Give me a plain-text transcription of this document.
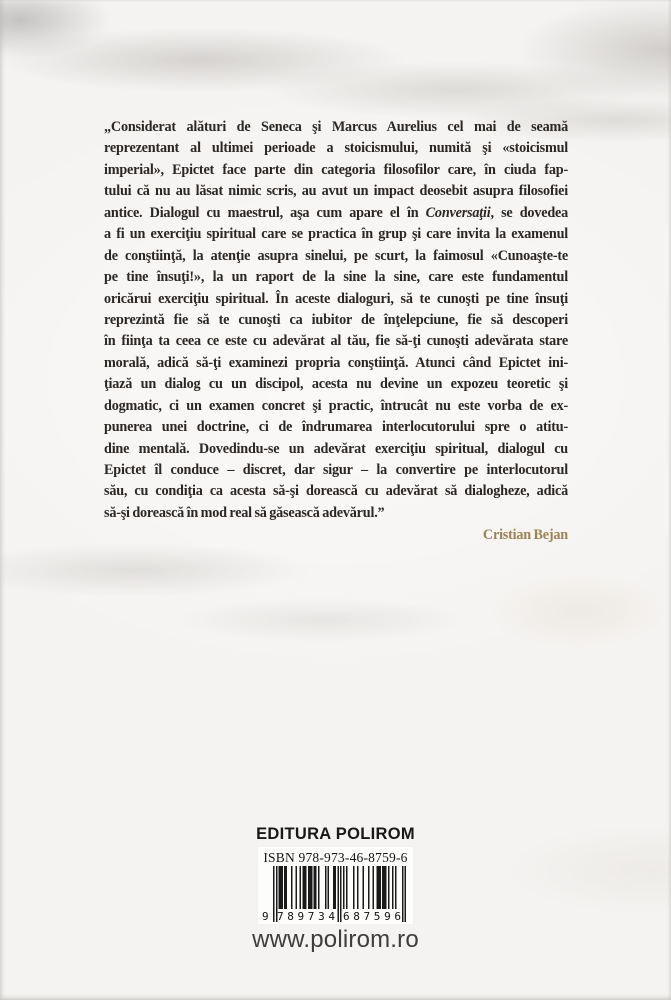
„Considerat alături de Seneca şi Marcus Aurelius cel mai de seamă
reprezentant al ultimei perioade a stoicismului, numită şi «stoicismul
imperial», Epictet face parte din categoria filosofilor care, în ciuda fap-
tului că nu au lăsat nimic scris, au avut un impact deosebit asupra filosofiei
antice. Dialogul cu maestrul, aşa cum apare el în Conversaţii, se dovedea
a fi un exerciţiu spiritual care se practica în grup şi care invita la examenul
de conştiinţă, la atenţie asupra sinelui, pe scurt, la faimosul «Cunoaşte-te
pe tine însuţi!», la un raport de la sine la sine, care este fundamentul
oricărui exerciţiu spiritual. În aceste dialoguri, să te cunoşti pe tine însuţi
reprezintă fie să te cunoşti ca iubitor de înţelepciune, fie să descoperi
în fiinţa ta ceea ce este cu adevărat al tău, fie să-ţi cunoşti adevărata stare
morală, adică să-ţi examinezi propria conştiinţă. Atunci când Epictet ini-
ţiază un dialog cu un discipol, acesta nu devine un expozeu teoretic şi
dogmatic, ci un examen concret şi practic, întrucât nu este vorba de ex-
punerea unei doctrine, ci de îndrumarea interlocutorului spre o atitu-
dine mentală. Dovedindu-se un adevărat exerciţiu spiritual, dialogul cu
Epictet îl conduce – discret, dar sigur – la convertire pe interlocutorul
său, cu condiţia ca acesta să-şi dorească cu adevărat să dialogheze, adică
să-şi dorească în mod real să găsească adevărul.”
Cristian Bejan
EDITURA POLIROM
ISBN 978-973-46-8759-6
9 7 8 9 7 3 4 6 8 7 5 9 6
www.polirom.ro
